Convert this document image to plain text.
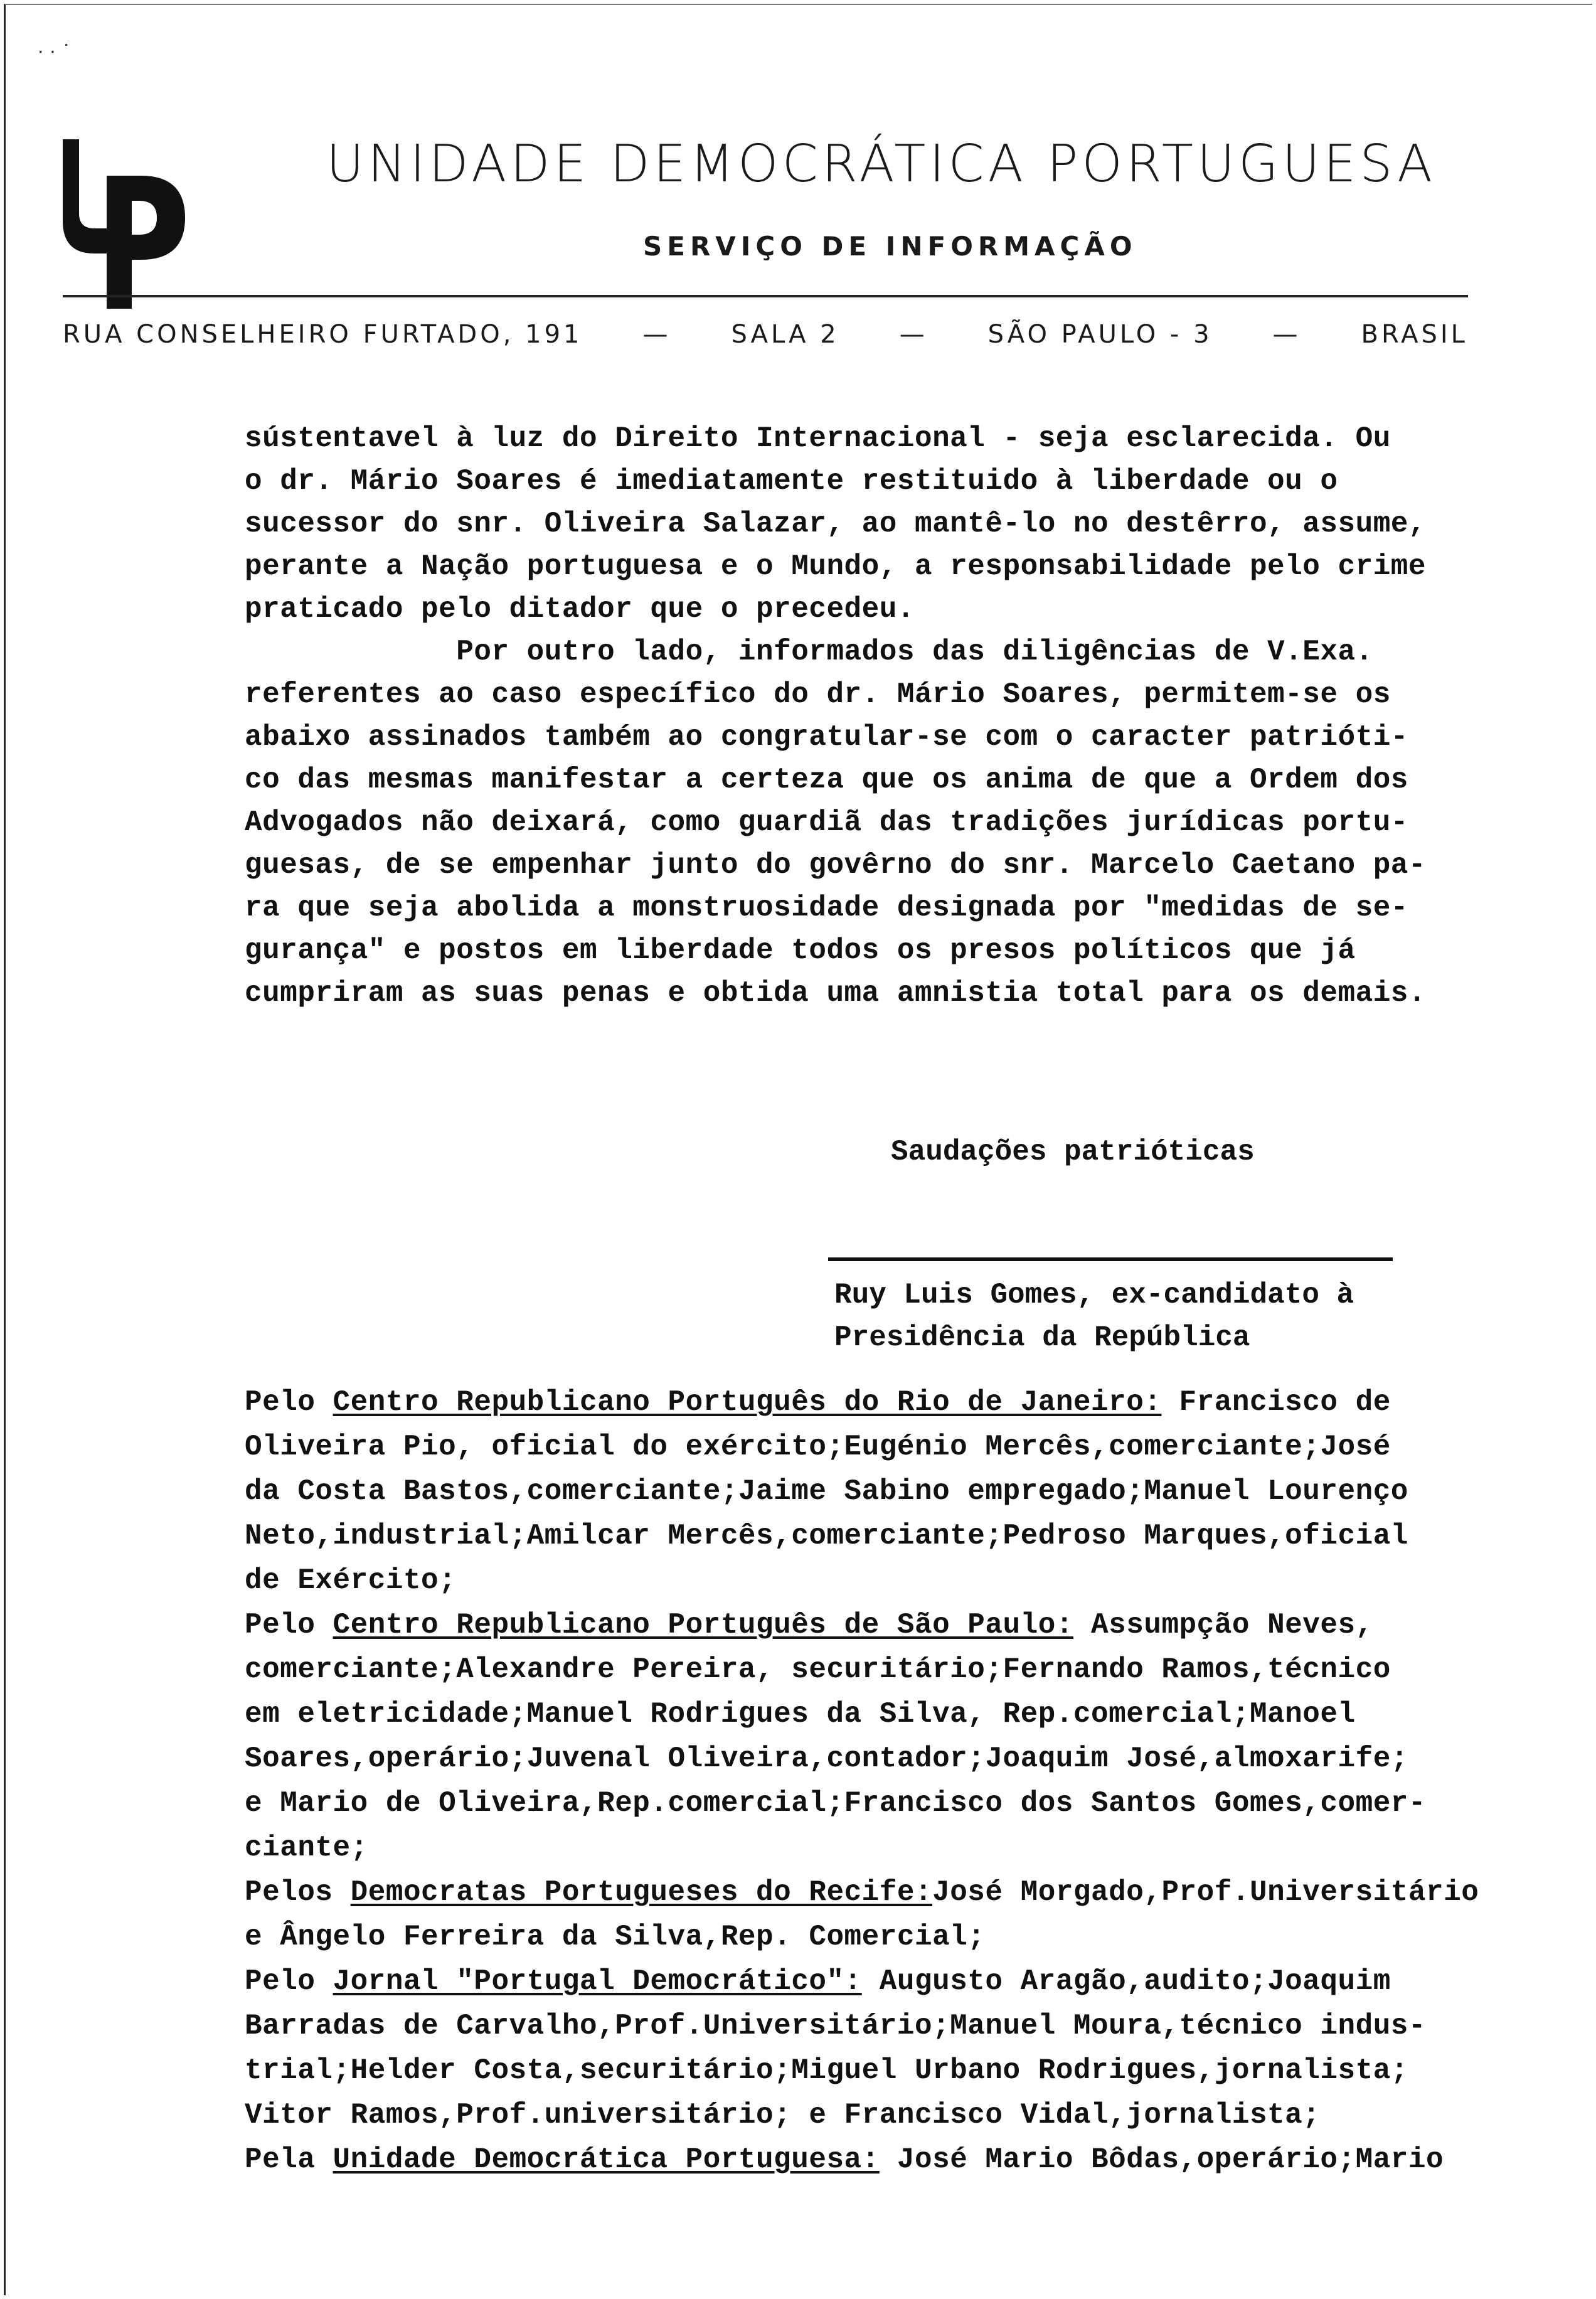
· · ˙
UNIDADE DEMOCRÁTICA PORTUGUESA
SERVIÇO DE INFORMAÇÃO
RUA CONSELHEIRO FURTADO, 191 — SALA 2 — SÃO PAULO - 3 — BRASIL
sústentavel à luz do Direito Internacional - seja esclarecida. Ou
o dr. Mário Soares é imediatamente restituido à liberdade ou o
sucessor do snr. Oliveira Salazar, ao mantê-lo no destêrro, assume,
perante a Nação portuguesa e o Mundo, a responsabilidade pelo crime
praticado pelo ditador que o precedeu.
Por outro lado, informados das diligências de V.Exa.
referentes ao caso específico do dr. Mário Soares, permitem-se os
abaixo assinados também ao congratular-se com o caracter patrióti-
co das mesmas manifestar a certeza que os anima de que a Ordem dos
Advogados não deixará, como guardiã das tradições jurídicas portu-
guesas, de se empenhar junto do govêrno do snr. Marcelo Caetano pa-
ra que seja abolida a monstruosidade designada por "medidas de se-
gurança" e postos em liberdade todos os presos políticos que já
cumpriram as suas penas e obtida uma amnistia total para os demais.
Saudações patrióticas
Ruy Luis Gomes, ex-candidato à
Presidência da República
Pelo Centro Republicano Português do Rio de Janeiro: Francisco de
Oliveira Pio, oficial do exército;Eugénio Mercês,comerciante;José
da Costa Bastos,comerciante;Jaime Sabino empregado;Manuel Lourenço
Neto,industrial;Amilcar Mercês,comerciante;Pedroso Marques,oficial
de Exército;
Pelo Centro Republicano Português de São Paulo: Assumpção Neves,
comerciante;Alexandre Pereira, securitário;Fernando Ramos,técnico
em eletricidade;Manuel Rodrigues da Silva, Rep.comercial;Manoel
Soares,operário;Juvenal Oliveira,contador;Joaquim José,almoxarife;
e Mario de Oliveira,Rep.comercial;Francisco dos Santos Gomes,comer-
ciante;
Pelos Democratas Portugueses do Recife:José Morgado,Prof.Universitário
e Ângelo Ferreira da Silva,Rep. Comercial;
Pelo Jornal "Portugal Democrático": Augusto Aragão,audito;Joaquim
Barradas de Carvalho,Prof.Universitário;Manuel Moura,técnico indus-
trial;Helder Costa,securitário;Miguel Urbano Rodrigues,jornalista;
Vitor Ramos,Prof.universitário; e Francisco Vidal,jornalista;
Pela Unidade Democrática Portuguesa: José Mario Bôdas,operário;Mario
